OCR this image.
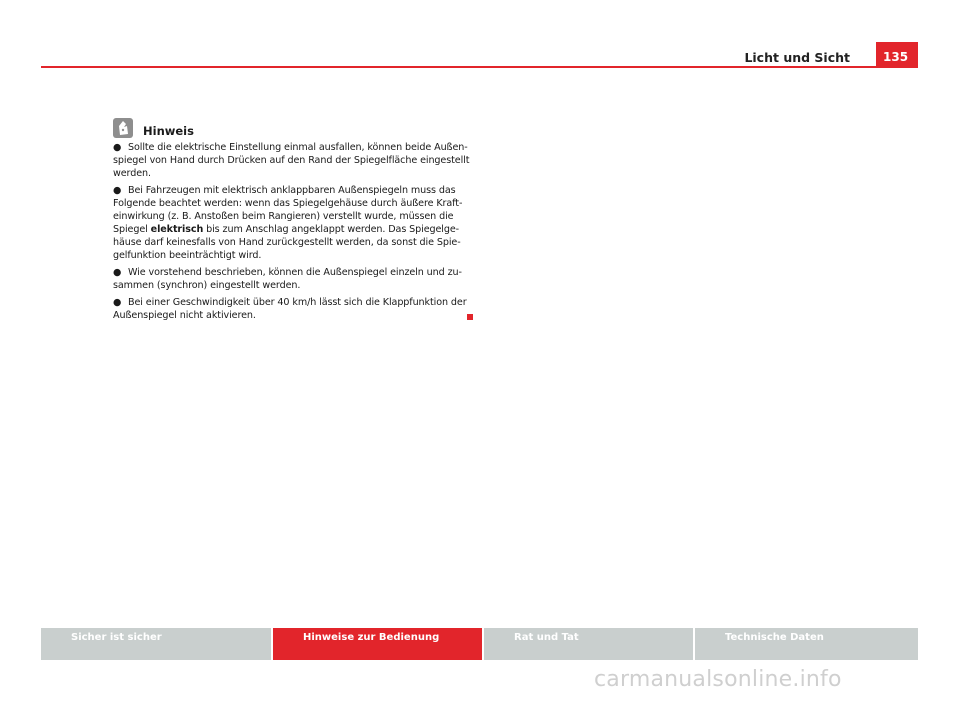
Licht und Sicht	135
Hinweis

● Sollte die elektrische Einstellung einmal ausfallen, können beide Außenspiegel von Hand durch Drücken auf den Rand der Spiegelfläche eingestellt werden.

● Bei Fahrzeugen mit elektrisch anklappbaren Außenspiegeln muss das Folgende beachtet werden: wenn das Spiegelgehäuse durch äußere Krafteinwirkung (z. B. Anstoßen beim Rangieren) verstellt wurde, müssen die Spiegel elektrisch bis zum Anschlag angeklappt werden. Das Spiegelgehäuse darf keinesfalls von Hand zurückgestellt werden, da sonst die Spiegelfunktion beeinträchtigt wird.

● Wie vorstehend beschrieben, können die Außenspiegel einzeln und zusammen (synchron) eingestellt werden.

● Bei einer Geschwindigkeit über 40 km/h lässt sich die Klappfunktion der Außenspiegel nicht aktivieren.

Sicher ist sicher	Hinweise zur Bedienung	Rat und Tat	Technische Daten
carmanualsonline.info
